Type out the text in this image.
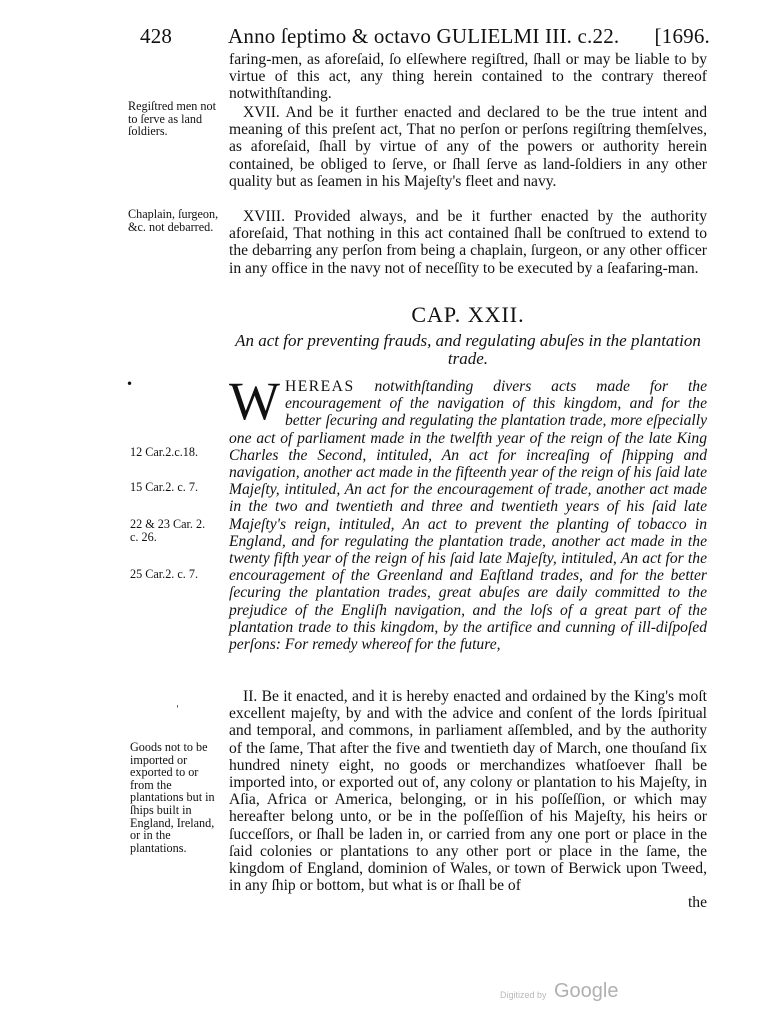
428	Anno ſeptimo & octavo GULIELMI III. c.22. [1696.

faring-men, as aforeſaid, ſo elſewhere regiſtred, ſhall or may be liable to by virtue of this act, any thing herein contained to the contrary thereof notwithſtanding.

XVII. And be it further enacted and declared to be the true intent and meaning of this preſent act, That no perſon or perſons regiſtring themſelves, as aforeſaid, ſhall by virtue of any of the powers or authority herein contained, be obliged to ſerve, or ſhall ſerve as land-ſoldiers in any other quality but as ſeamen in his Majeſty's fleet and navy.

XVIII. Provided always, and be it further enacted by the authority aforeſaid, That nothing in this act contained ſhall be conſtrued to extend to the debarring any perſon from being a chaplain, ſurgeon, or any other officer in any office in the navy not of neceſſity to be executed by a ſeafaring-man.

CAP. XXII.
An act for preventing frauds, and regulating abuſes in the plantation trade.
WHEREAS notwithſtanding divers acts made for the encouragement of the navigation of this kingdom, and for the better ſecuring and regulating the plantation trade, more eſpecially one act of parliament made in the twelfth year of the reign of the late King Charles the Second, intituled, An act for increaſing of ſhipping and navigation, another act made in the fifteenth year of the reign of his ſaid late Majeſty, intituled, An act for the encouragement of trade, another act made in the two and twentieth and three and twentieth years of his ſaid late Majeſty's reign, intituled, An act to prevent the planting of tobacco in England, and for regulating the plantation trade, another act made in the twenty fifth year of the reign of his ſaid late Majeſty, intituled, An act for the encouragement of the Greenland and Eaſtland trades, and for the better ſecuring the plantation trades, great abuſes are daily committed to the prejudice of the Engliſh navigation, and the loſs of a great part of the plantation trade to this kingdom, by the artifice and cunning of ill-diſpoſed perſons: For remedy whereof for the future,

II. Be it enacted, and it is hereby enacted and ordained by the King's moſt excellent majeſty, by and with the advice and conſent of the lords ſpiritual and temporal, and commons, in parliament aſſembled, and by the authority of the ſame, That after the five and twentieth day of March, one thouſand ſix hundred ninety eight, no goods or merchandizes whatſoever ſhall be imported into, or exported out of, any colony or plantation to his Majeſty, in Aſia, Africa or America, belonging, or in his poſſeſſion, or which may hereafter belong unto, or be in the poſſeſſion of his Majeſty, his heirs or ſucceſſors, or ſhall be laden in, or carried from any one port or place in the ſaid colonies or plantations to any other port or place in the ſame, the kingdom of England, dominion of Wales, or town of Berwick upon Tweed, in any ſhip or bottom, but what is or ſhall be of

the

Regiſtred men not to ſerve as land ſoldiers.
Chaplain, ſurgeon, &c. not debarred.
12 Car.2.c.18.
15 Car.2. c. 7.
22 & 23 Car. 2. c. 26.
25 Car.2. c. 7.
Goods not to be imported or exported to or from the plantations but in ſhips built in England, Ireland, or in the plantations.
•
ˈ
Digitized by Google
